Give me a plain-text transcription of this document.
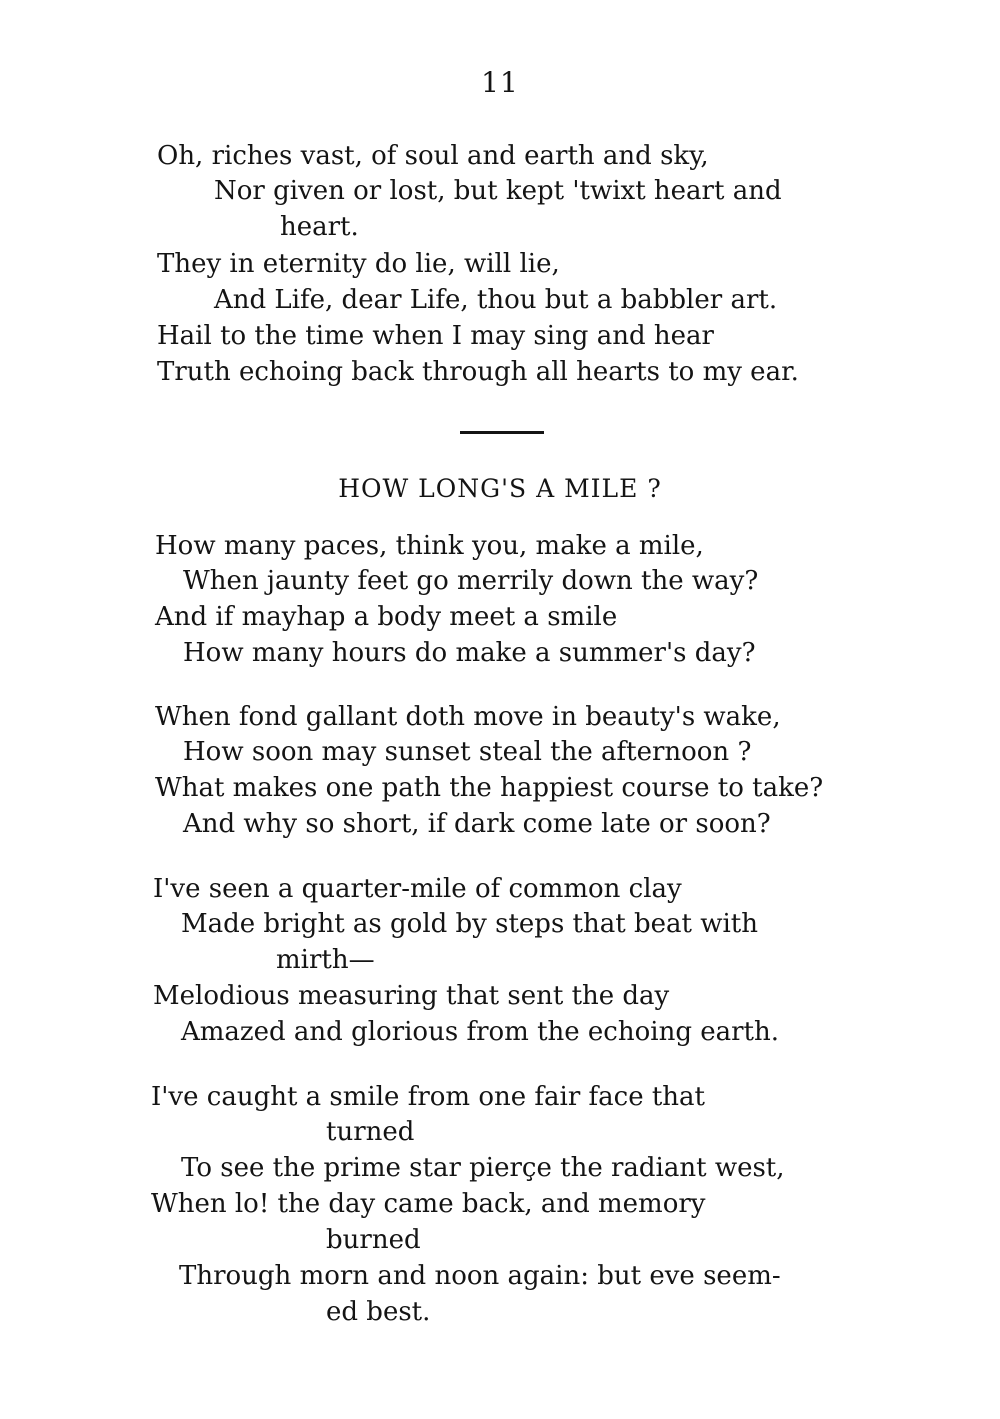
11
Oh, riches vast, of soul and earth and sky,
Nor given or lost, but kept 'twixt heart and
heart.
They in eternity do lie, will lie,
And Life, dear Life, thou but a babbler art.
Hail to the time when I may sing and hear
Truth echoing back through all hearts to my ear.
HOW LONG'S A MILE ?
How many paces, think you, make a mile,
When jaunty feet go merrily down the way?
And if mayhap a body meet a smile
How many hours do make a summer's day?
When fond gallant doth move in beauty's wake,
How soon may sunset steal the afternoon ?
What makes one path the happiest course to take?
And why so short, if dark come late or soon?
I've seen a quarter-mile of common clay
Made bright as gold by steps that beat with
mirth—
Melodious measuring that sent the day
Amazed and glorious from the echoing earth.
I've caught a smile from one fair face that
turned
To see the prime star pierçe the radiant west,
When lo! the day came back, and memory
burned
Through morn and noon again: but eve seem-
ed best.
